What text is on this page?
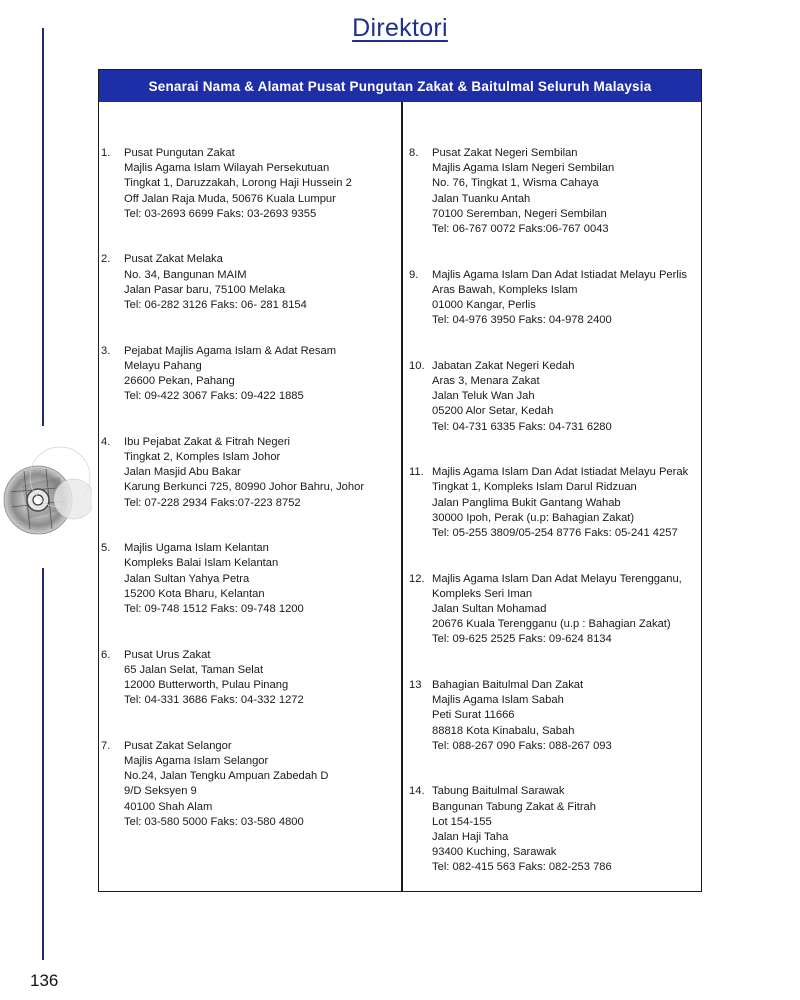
Direktori
136
Senarai Nama & Alamat Pusat Pungutan Zakat & Baitulmal Seluruh Malaysia
1. Pusat Pungutan Zakat
Majlis Agama Islam Wilayah Persekutuan
Tingkat 1, Daruzzakah, Lorong Haji Hussein 2
Off Jalan Raja Muda, 50676 Kuala Lumpur
Tel: 03-2693 6699 Faks: 03-2693 9355
2. Pusat Zakat Melaka
No. 34, Bangunan MAIM
Jalan Pasar baru, 75100 Melaka
Tel: 06-282 3126 Faks: 06- 281 8154
3. Pejabat Majlis Agama Islam & Adat Resam
Melayu Pahang
26600 Pekan, Pahang
Tel: 09-422 3067 Faks: 09-422 1885
4. Ibu Pejabat Zakat & Fitrah Negeri
Tingkat 2, Komples Islam Johor
Jalan Masjid Abu Bakar
Karung Berkunci 725, 80990 Johor Bahru, Johor
Tel: 07-228 2934 Faks:07-223 8752
5. Majlis Ugama Islam Kelantan
Kompleks Balai Islam Kelantan
Jalan Sultan Yahya Petra
15200 Kota Bharu, Kelantan
Tel: 09-748 1512 Faks: 09-748 1200
6. Pusat Urus Zakat
65 Jalan Selat, Taman Selat
12000 Butterworth, Pulau Pinang
Tel: 04-331 3686 Faks: 04-332 1272
7. Pusat Zakat Selangor
Majlis Agama Islam Selangor
No.24, Jalan Tengku Ampuan Zabedah D
9/D Seksyen 9
40100 Shah Alam
Tel: 03-580 5000 Faks: 03-580 4800
8. Pusat Zakat Negeri Sembilan
Majlis Agama Islam Negeri Sembilan
No. 76, Tingkat 1, Wisma Cahaya
Jalan Tuanku Antah
70100 Seremban, Negeri Sembilan
Tel: 06-767 0072 Faks:06-767 0043
9. Majlis Agama Islam Dan Adat Istiadat Melayu Perlis
Aras Bawah, Kompleks Islam
01000 Kangar, Perlis
Tel: 04-976 3950 Faks: 04-978 2400
10. Jabatan Zakat Negeri Kedah
Aras 3, Menara Zakat
Jalan Teluk Wan Jah
05200 Alor Setar, Kedah
Tel: 04-731 6335 Faks: 04-731 6280
11. Majlis Agama Islam Dan Adat Istiadat Melayu Perak
Tingkat 1, Kompleks Islam Darul Ridzuan
Jalan Panglima Bukit Gantang Wahab
30000 Ipoh, Perak (u.p: Bahagian Zakat)
Tel: 05-255 3809/05-254 8776 Faks: 05-241 4257
12. Majlis Agama Islam Dan Adat Melayu Terengganu,
Kompleks Seri Iman
Jalan Sultan Mohamad
20676 Kuala Terengganu (u.p : Bahagian Zakat)
Tel: 09-625 2525 Faks: 09-624 8134
13 Bahagian Baitulmal Dan Zakat
Majlis Agama Islam Sabah
Peti Surat 11666
88818 Kota Kinabalu, Sabah
Tel: 088-267 090 Faks: 088-267 093
14. Tabung Baitulmal Sarawak
Bangunan Tabung Zakat & Fitrah
Lot 154-155
Jalan Haji Taha
93400 Kuching, Sarawak
Tel: 082-415 563 Faks: 082-253 786
